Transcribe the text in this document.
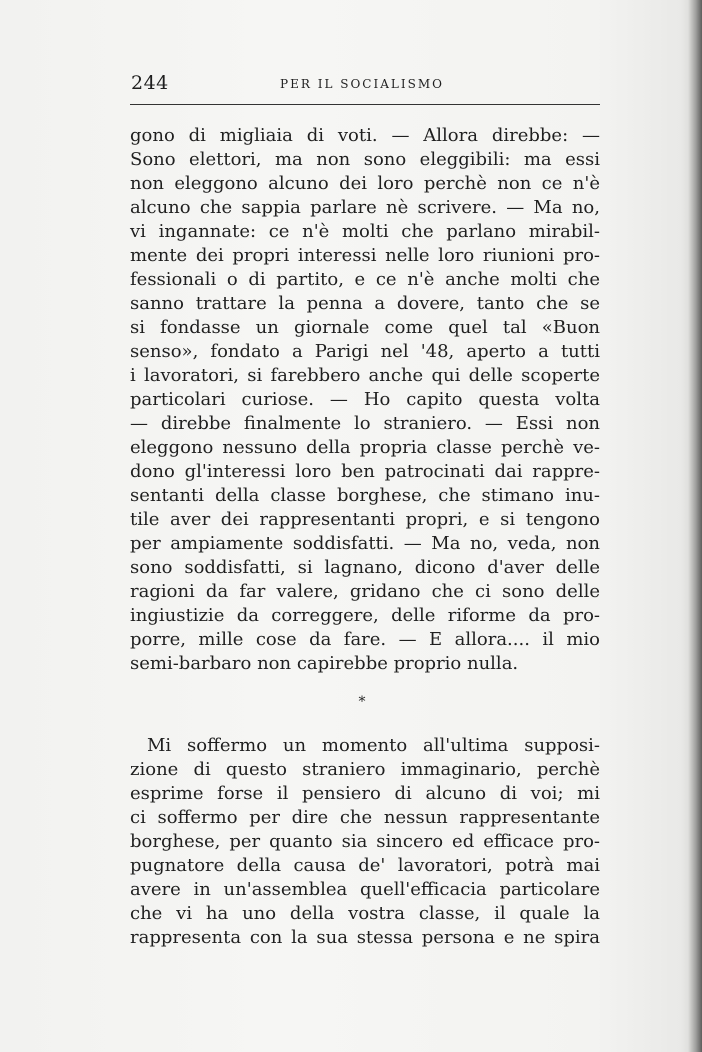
244	PER IL SOCIALISMO
gono di migliaia di voti. — Allora direbbe: —
Sono elettori, ma non sono eleggibili: ma essi
non eleggono alcuno dei loro perchè non ce n'è
alcuno che sappia parlare nè scrivere. — Ma no,
vi ingannate: ce n'è molti che parlano mirabil-
mente dei propri interessi nelle loro riunioni pro-
fessionali o di partito, e ce n'è anche molti che
sanno trattare la penna a dovere, tanto che se
si fondasse un giornale come quel tal «Buon
senso», fondato a Parigi nel '48, aperto a tutti
i lavoratori, si farebbero anche qui delle scoperte
particolari curiose. — Ho capito questa volta
— direbbe finalmente lo straniero. — Essi non
eleggono nessuno della propria classe perchè ve-
dono gl'interessi loro ben patrocinati dai rappre-
sentanti della classe borghese, che stimano inu-
tile aver dei rappresentanti propri, e si tengono
per ampiamente soddisfatti. — Ma no, veda, non
sono soddisfatti, si lagnano, dicono d'aver delle
ragioni da far valere, gridano che ci sono delle
ingiustizie da correggere, delle riforme da pro-
porre, mille cose da fare. — E allora.... il mio
semi-barbaro non capirebbe proprio nulla.
*
Mi soffermo un momento all'ultima supposi-
zione di questo straniero immaginario, perchè
esprime forse il pensiero di alcuno di voi; mi
ci soffermo per dire che nessun rappresentante
borghese, per quanto sia sincero ed efficace pro-
pugnatore della causa de' lavoratori, potrà mai
avere in un'assemblea quell'efficacia particolare
che vi ha uno della vostra classe, il quale la
rappresenta con la sua stessa persona e ne spira
